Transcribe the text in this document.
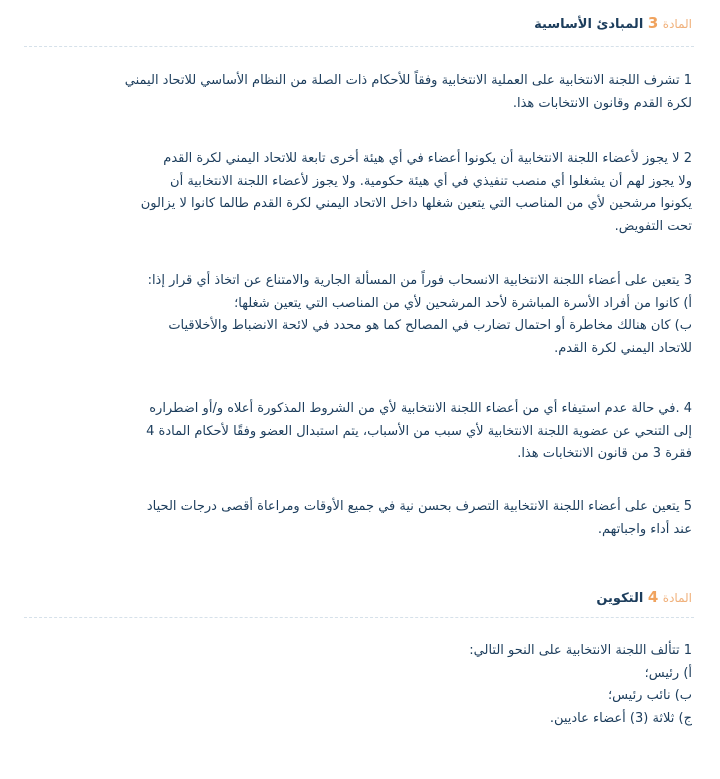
المادة 3 المبادئ الأساسية
1 تشرف اللجنة الانتخابية على العملية الانتخابية وفقاً للأحكام ذات الصلة من النظام الأساسي للاتحاد اليمني
لكرة القدم وقانون الانتخابات هذا.
2 لا يجوز لأعضاء اللجنة الانتخابية أن يكونوا أعضاء في أي هيئة أخرى تابعة للاتحاد اليمني لكرة القدم
ولا يجوز لهم أن يشغلوا أي منصب تنفيذي في أي هيئة حكومية. ولا يجوز لأعضاء اللجنة الانتخابية أن
يكونوا مرشحين لأي من المناصب التي يتعين شغلها داخل الاتحاد اليمني لكرة القدم طالما كانوا لا يزالون
تحت التفويض.
3 يتعين على أعضاء اللجنة الانتخابية الانسحاب فوراً من المسألة الجارية والامتناع عن اتخاذ أي قرار إذا:
أ) كانوا من أفراد الأسرة المباشرة لأحد المرشحين لأي من المناصب التي يتعين شغلها؛
ب) كان هنالك مخاطرة أو احتمال تضارب في المصالح كما هو محدد في لائحة الانضباط والأخلاقيات
للاتحاد اليمني لكرة القدم.
4 .في حالة عدم استيفاء أي من أعضاء اللجنة الانتخابية لأي من الشروط المذكورة أعلاه و/أو اضطراره
إلى التنحي عن عضوية اللجنة الانتخابية لأي سبب من الأسباب، يتم استبدال العضو وفقًا لأحكام المادة 4
فقرة 3 من قانون الانتخابات هذا.
5 يتعين على أعضاء اللجنة الانتخابية التصرف بحسن نية في جميع الأوقات ومراعاة أقصى درجات الحياد
عند أداء واجباتهم.
المادة 4 التكوين
1 تتألف اللجنة الانتخابية على النحو التالي:
أ) رئيس؛
ب) نائب رئيس؛
ج) ثلاثة (3) أعضاء عاديين.
